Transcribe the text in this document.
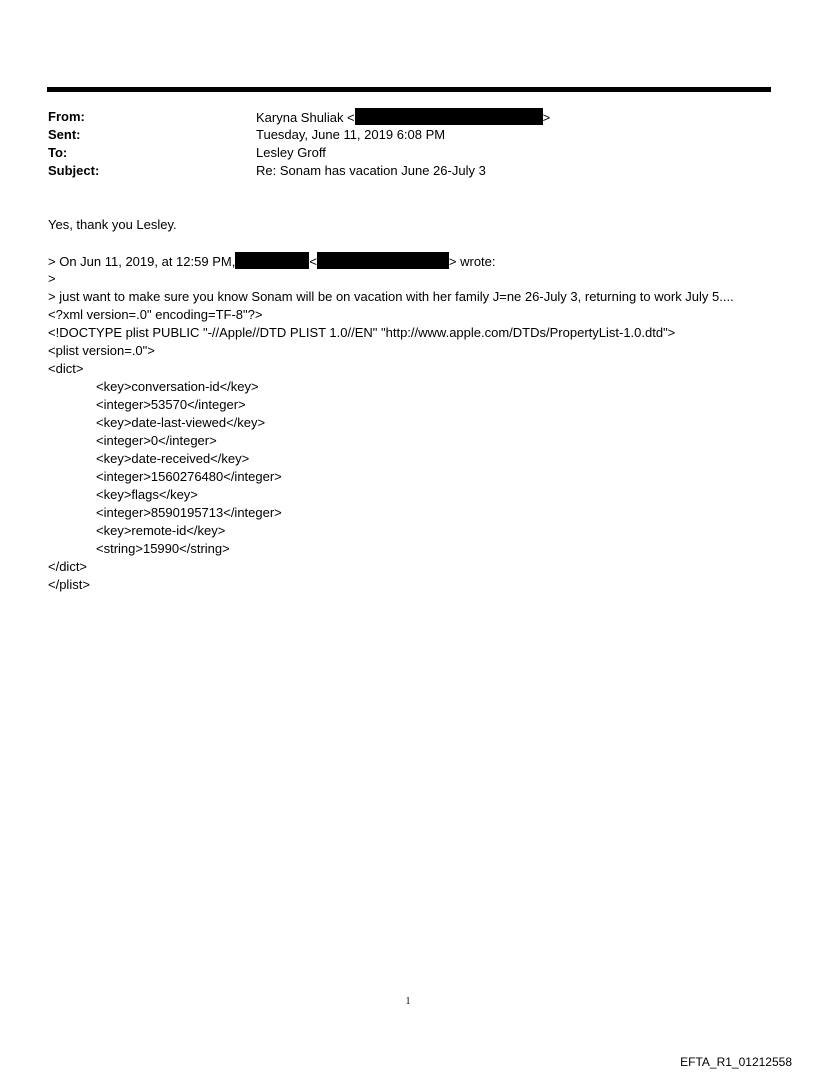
From:	Karyna Shuliak <	>
Sent:	Tuesday, June 11, 2019 6:08 PM
To:	Lesley Groff
Subject:	Re: Sonam has vacation June 26-July 3
Yes, thank you Lesley.
> On Jun 11, 2019, at 12:59 PM,	<	> wrote:
>
> just want to make sure you know Sonam will be on vacation with her family J=ne 26-July 3, returning to work July 5....
<?xml version=.0" encoding=TF-8"?>
<!DOCTYPE plist PUBLIC "-//Apple//DTD PLIST 1.0//EN" "http://www.apple.com/DTDs/PropertyList-1.0.dtd">
<plist version=.0">
<dict>
<key>conversation-id</key>
<integer>53570</integer>
<key>date-last-viewed</key>
<integer>0</integer>
<key>date-received</key>
<integer>1560276480</integer>
<key>flags</key>
<integer>8590195713</integer>
<key>remote-id</key>
<string>15990</string>
</dict>
</plist>
1
EFTA_R1_01212558
